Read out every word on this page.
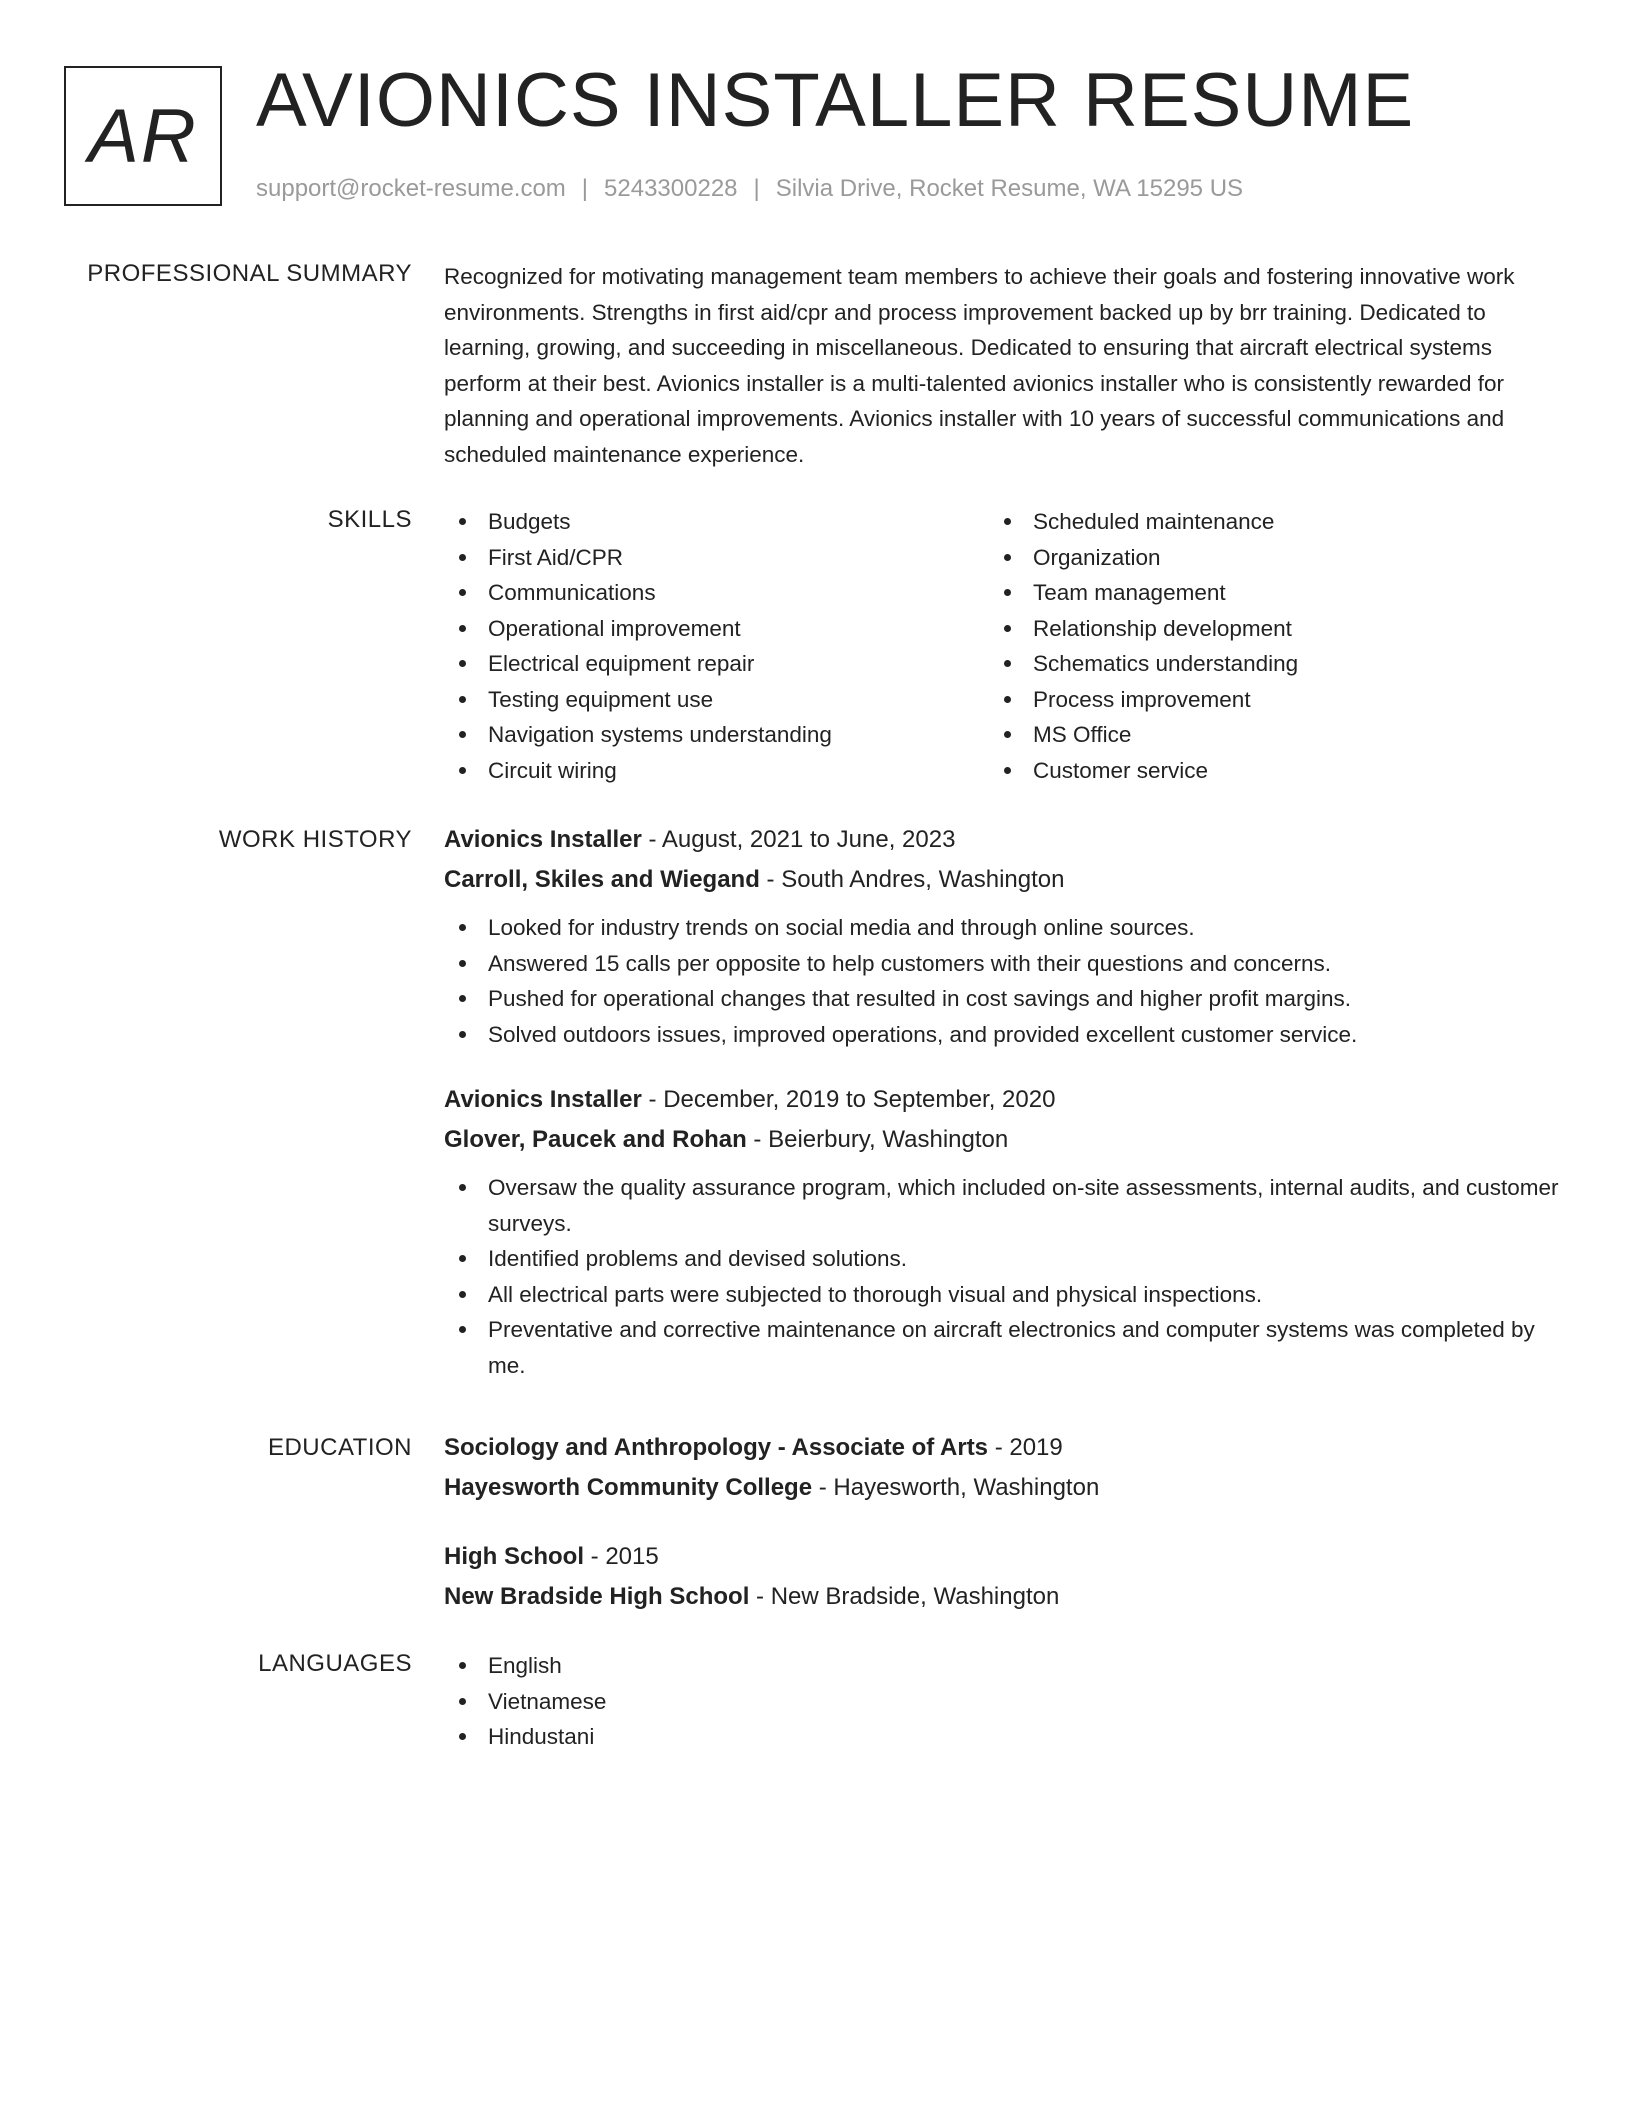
AR AVIONICS INSTALLER RESUME
support@rocket-resume.com | 5243300228 | Silvia Drive, Rocket Resume, WA 15295 US
PROFESSIONAL SUMMARY Recognized for motivating management team members to achieve their goals and fostering innovative work environments. Strengths in first aid/cpr and process improvement backed up by brr training. Dedicated to learning, growing, and succeeding in miscellaneous. Dedicated to ensuring that aircraft electrical systems perform at their best. Avionics installer is a multi-talented avionics installer who is consistently rewarded for planning and operational improvements. Avionics installer with 10 years of successful communications and scheduled maintenance experience.

SKILLS	Budgets
First Aid/CPR
Communications
Operational improvement
Electrical equipment repair
Testing equipment use
Navigation systems understanding
Circuit wiring
Scheduled maintenance
Organization
Team management
Relationship development
Schematics understanding
Process improvement
MS Office
Customer service
WORK HISTORY Avionics Installer - August, 2021 to June, 2023
Carroll, Skiles and Wiegand - South Andres, Washington
Looked for industry trends on social media and through online sources.
Answered 15 calls per opposite to help customers with their questions and concerns.
Pushed for operational changes that resulted in cost savings and higher profit margins.
Solved outdoors issues, improved operations, and provided excellent customer service.
Avionics Installer - December, 2019 to September, 2020
Glover, Paucek and Rohan - Beierbury, Washington
Oversaw the quality assurance program, which included on-site assessments, internal audits, and customer surveys.
Identified problems and devised solutions.
All electrical parts were subjected to thorough visual and physical inspections.
Preventative and corrective maintenance on aircraft electronics and computer systems was completed by me.
EDUCATION Sociology and Anthropology - Associate of Arts - 2019
Hayesworth Community College - Hayesworth, Washington
High School - 2015
New Bradside High School - New Bradside, Washington
LANGUAGES	English
Vietnamese
Hindustani
